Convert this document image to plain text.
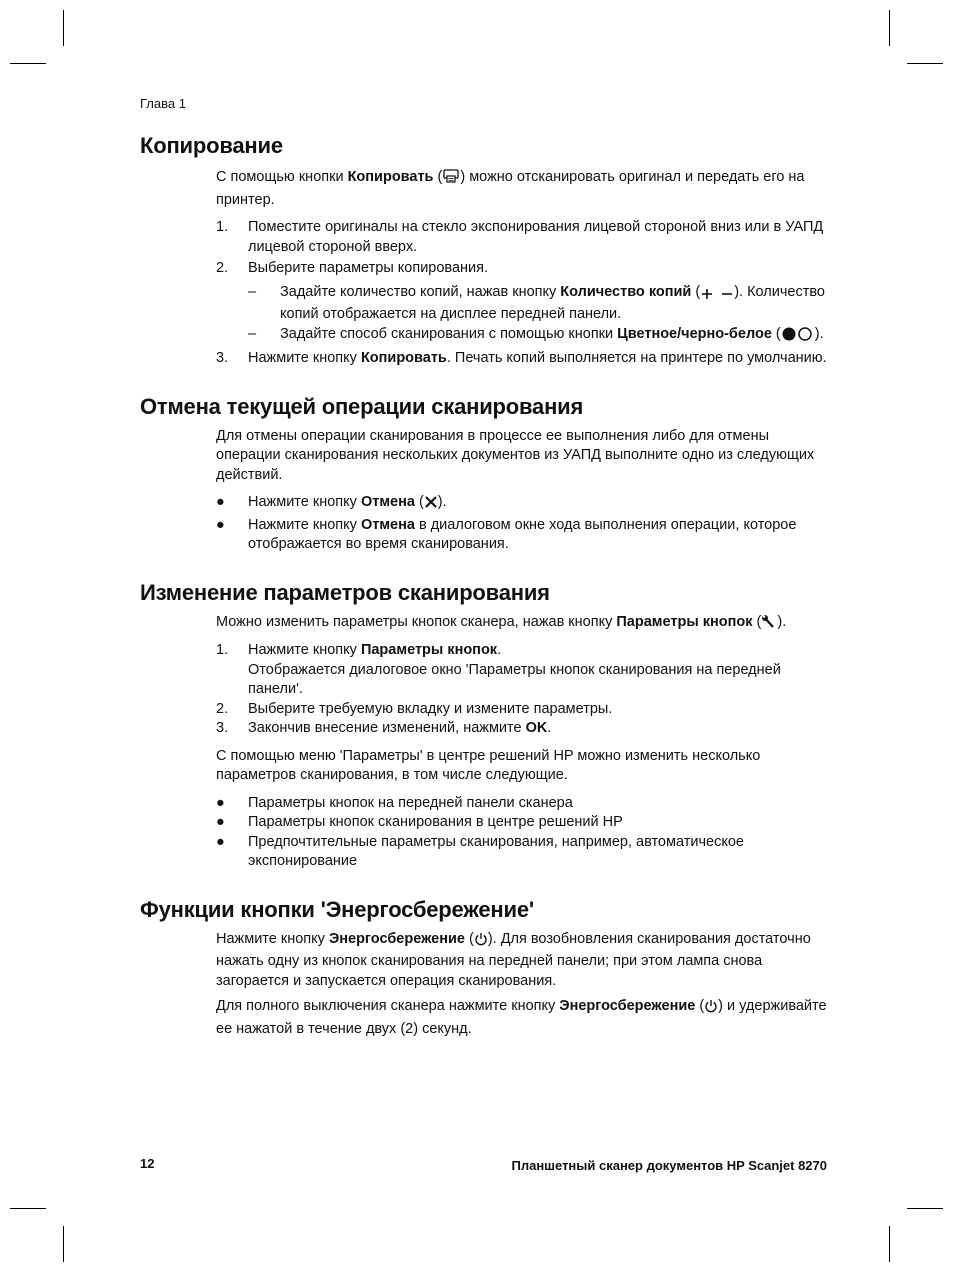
Глава 1
Копирование

С помощью кнопки Копировать ( ) можно отсканировать оригинал и передать его на принтер.

1.	Поместите оригиналы на стекло экспонирования лицевой стороной вниз или в УАПД лицевой стороной вверх.
2.	Выберите параметры копирования.
–	Задайте количество копий, нажав кнопку Количество копий ( ). Количество копий отображается на дисплее передней панели.
–	Задайте способ сканирования с помощью кнопки Цветное/черно-белое ( ).
3.	Нажмите кнопку Копировать. Печать копий выполняется на принтере по умолчанию.
Отмена текущей операции сканирования

Для отмены операции сканирования в процессе ее выполнения либо для отмены операции сканирования нескольких документов из УАПД выполните одно из следующих действий.

●	Нажмите кнопку Отмена ( ).
●	Нажмите кнопку Отмена в диалоговом окне хода выполнения операции, которое отображается во время сканирования.
Изменение параметров сканирования

Можно изменить параметры кнопок сканера, нажав кнопку Параметры кнопок ( ).

1.	Нажмите кнопку Параметры кнопок.
Отображается диалоговое окно 'Параметры кнопок сканирования на передней панели'.
2.	Выберите требуемую вкладку и измените параметры.
3.	Закончив внесение изменений, нажмите OK.

С помощью меню 'Параметры' в центре решений HP можно изменить несколько параметров сканирования, в том числе следующие.

●	Параметры кнопок на передней панели сканера
●	Параметры кнопок сканирования в центре решений HP
●	Предпочтительные параметры сканирования, например, автоматическое экспонирование
Функции кнопки 'Энергосбережение'

Нажмите кнопку Энергосбережение ( ). Для возобновления сканирования достаточно нажать одну из кнопок сканирования на передней панели; при этом лампа снова загорается и запускается операция сканирования.

Для полного выключения сканера нажмите кнопку Энергосбережение ( ) и удерживайте ее нажатой в течение двух (2) секунд.

12	Планшетный сканер документов HP Scanjet 8270
